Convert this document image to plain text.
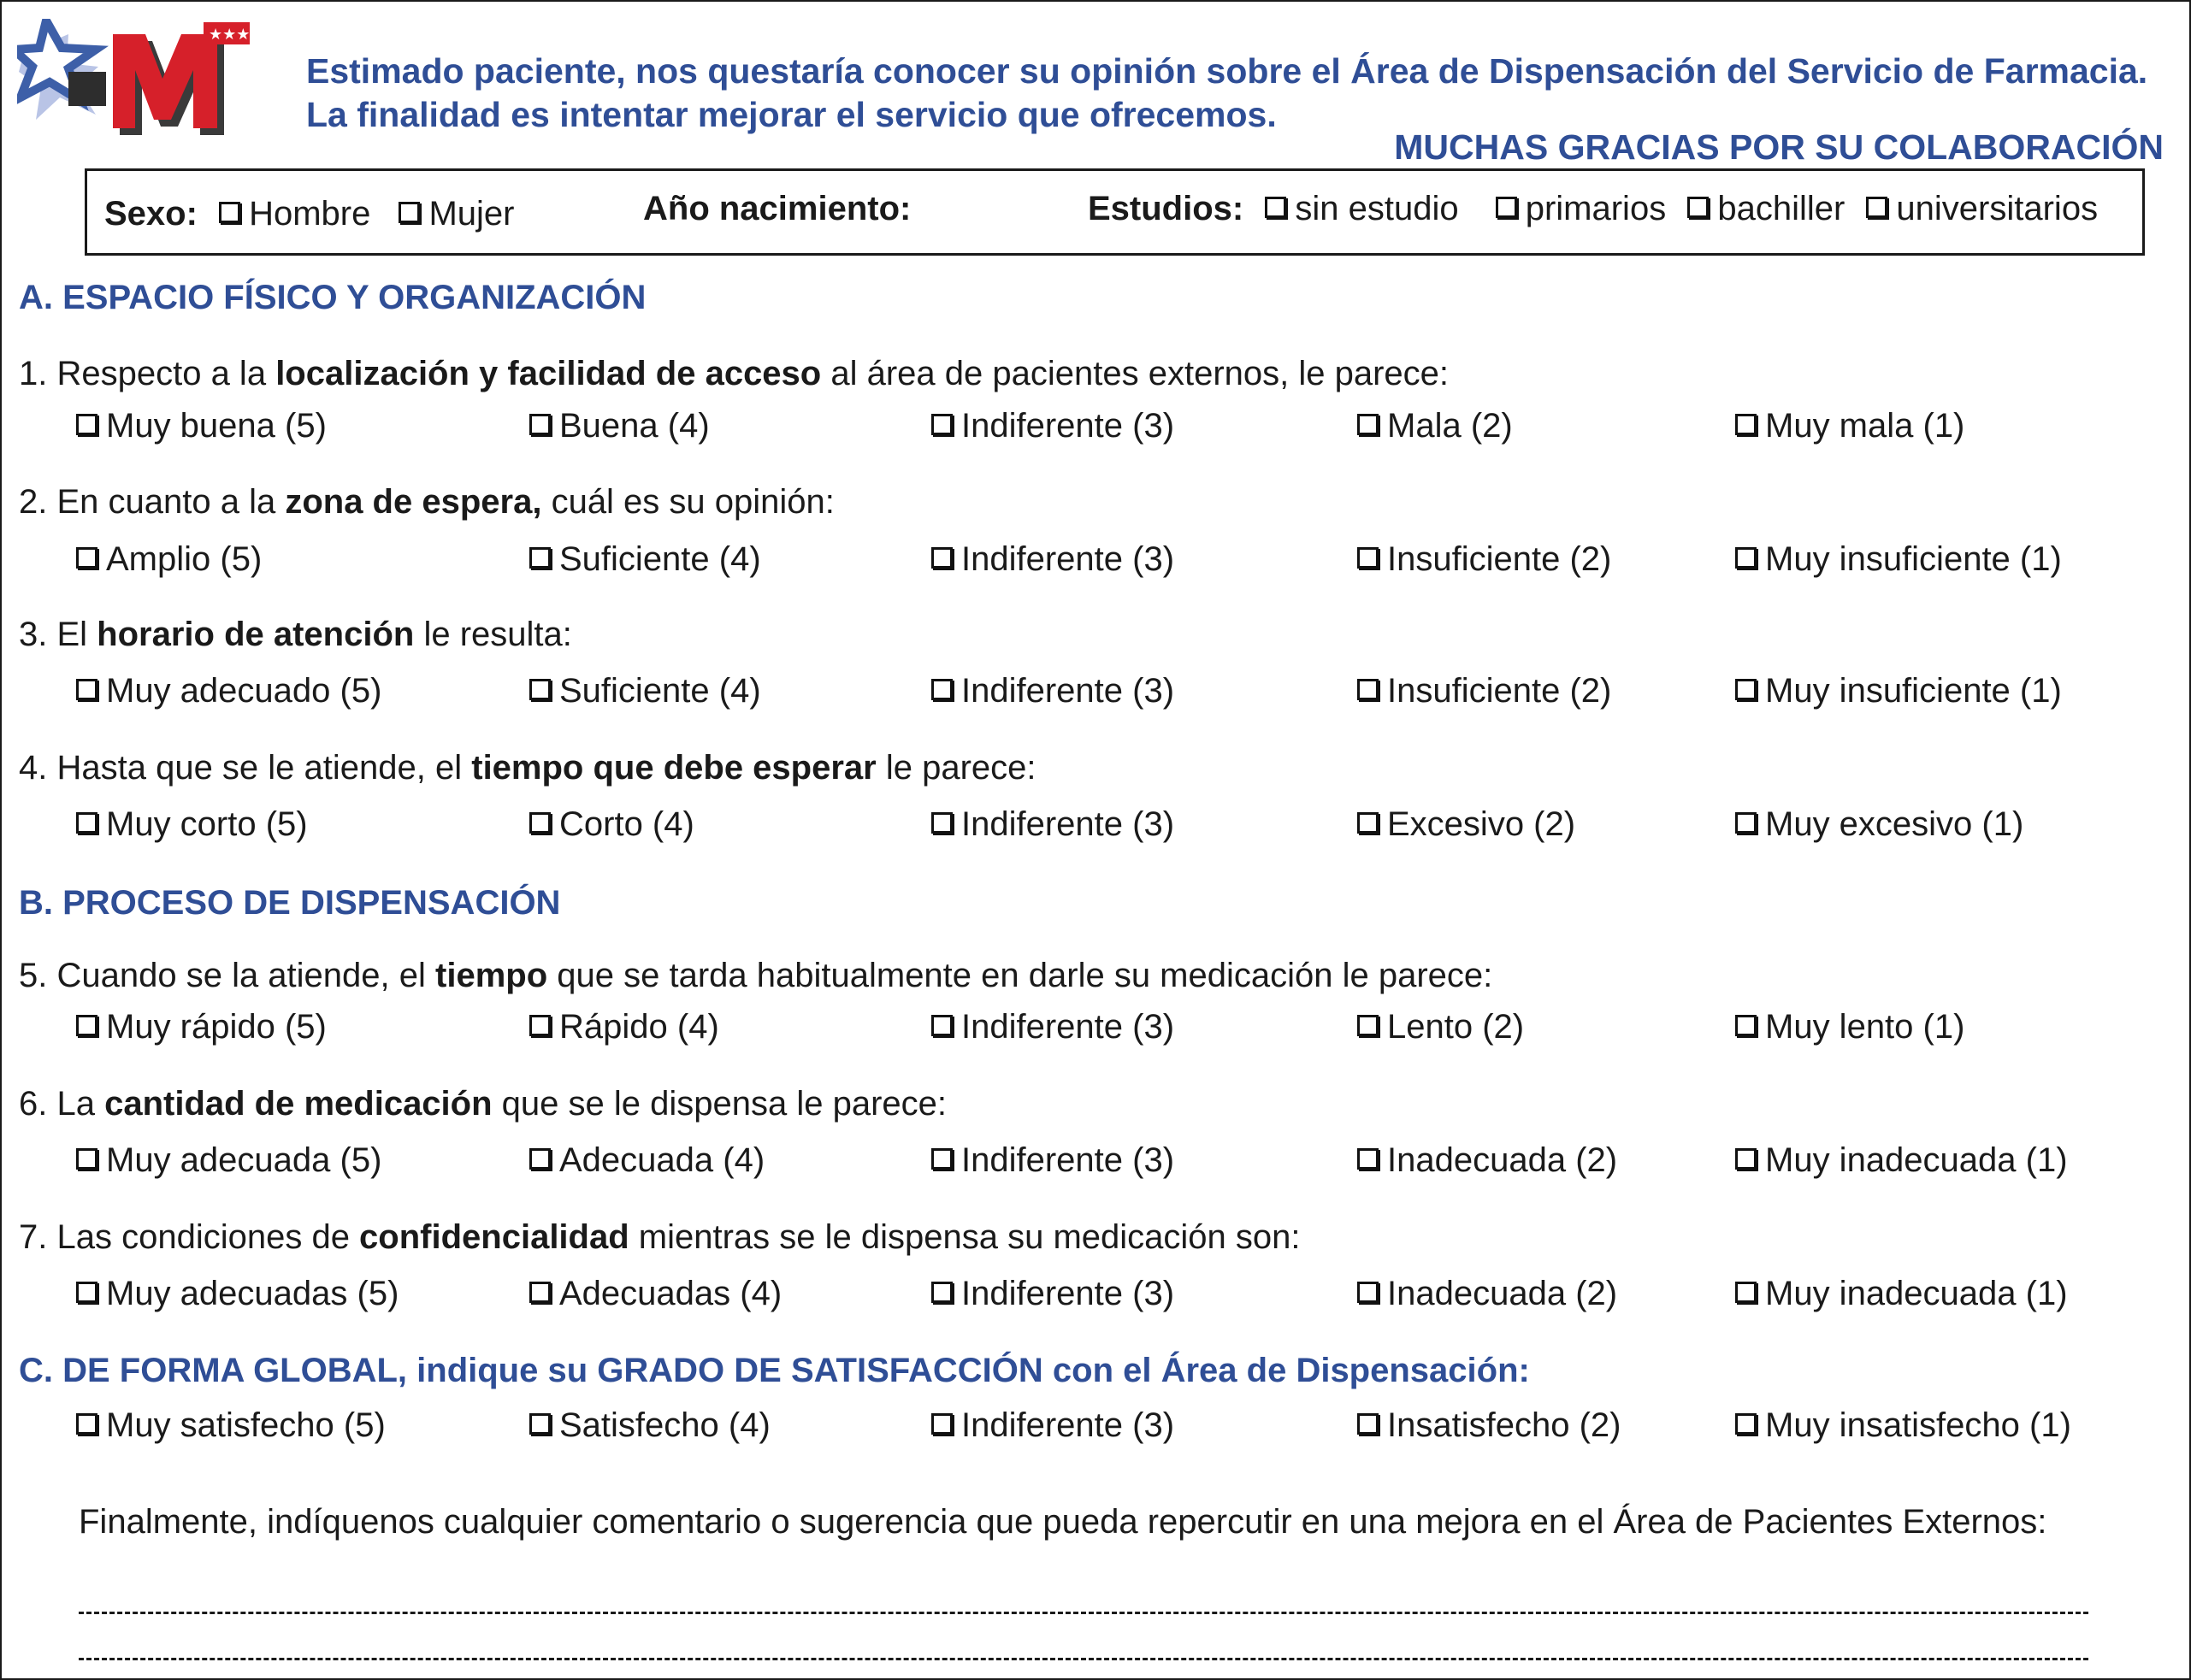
★★★
Estimado paciente, nos questaría conocer su opinión sobre el Área de Dispensación del Servicio de Farmacia.
La finalidad es intentar mejorar el servicio que ofrecemos.
MUCHAS GRACIAS POR SU COLABORACIÓN
Sexo: Hombre Mujer	Año nacimiento:	Estudios: sin estudio primarios bachiller universitarios
A. ESPACIO FÍSICO Y ORGANIZACIÓN
B. PROCESO DE DISPENSACIÓN
C. DE FORMA GLOBAL, indique su GRADO DE SATISFACCIÓN con el Área de Dispensación:
1. Respecto a la localización y facilidad de acceso al área de pacientes externos, le parece:
Muy buena (5)	Buena (4)	Indiferente (3)	Mala (2)	Muy mala (1)
2. En cuanto a la zona de espera, cuál es su opinión:
Amplio (5)	Suficiente (4)	Indiferente (3)	Insuficiente (2)	Muy insuficiente (1)
3. El horario de atención le resulta:
Muy adecuado (5)	Suficiente (4)	Indiferente (3)	Insuficiente (2)	Muy insuficiente (1)
4. Hasta que se le atiende, el tiempo que debe esperar le parece:
Muy corto (5)	Corto (4)	Indiferente (3)	Excesivo (2)	Muy excesivo (1)
5. Cuando se la atiende, el tiempo que se tarda habitualmente en darle su medicación le parece:
Muy rápido (5)	Rápido (4)	Indiferente (3)	Lento (2)	Muy lento (1)
6. La cantidad de medicación que se le dispensa le parece:
Muy adecuada (5)	Adecuada (4)	Indiferente (3)	Inadecuada (2)	Muy inadecuada (1)
7. Las condiciones de confidencialidad mientras se le dispensa su medicación son:
Muy adecuadas (5)	Adecuadas (4)	Indiferente (3)	Inadecuada (2)	Muy inadecuada (1)
Muy satisfecho (5)	Satisfecho (4)	Indiferente (3)	Insatisfecho (2)	Muy insatisfecho (1)
Finalmente, indíquenos cualquier comentario o sugerencia que pueda repercutir en una mejora en el Área de Pacientes Externos:
